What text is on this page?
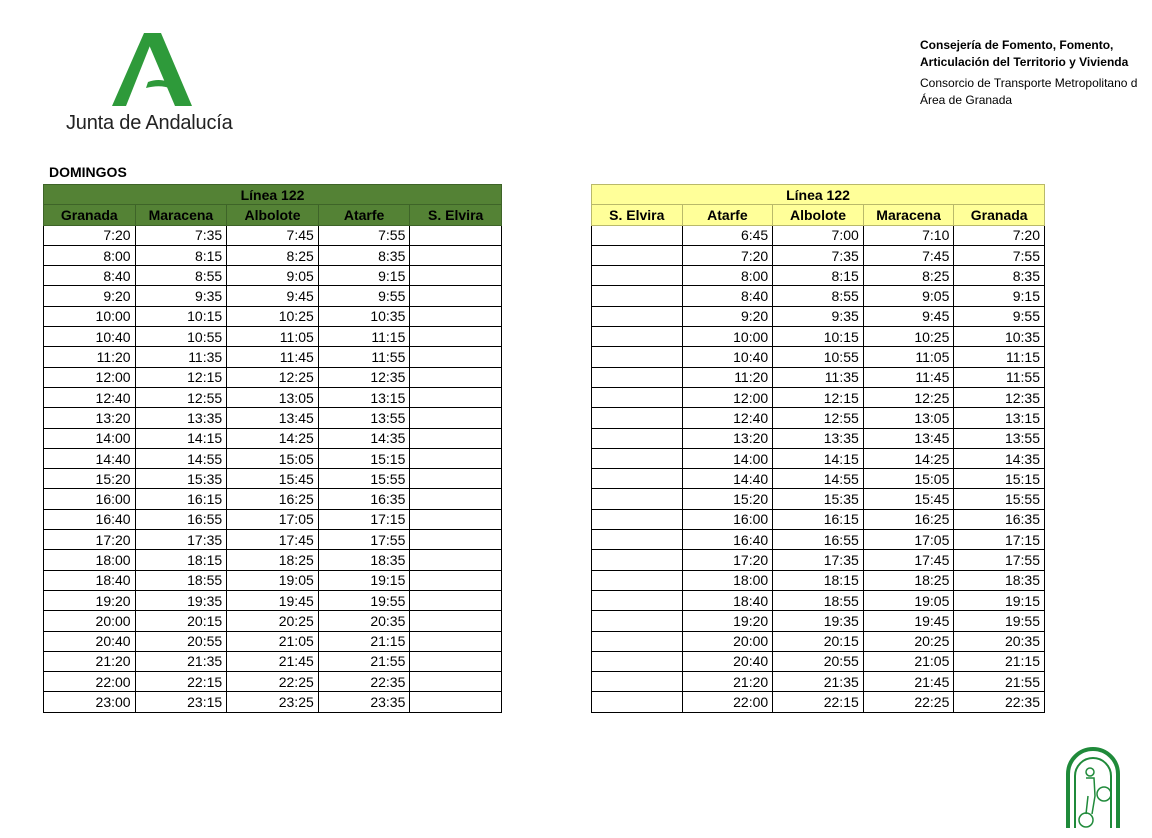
Junta de Andalucía
Consejería de Fomento, Fomento,
Articulación del Territorio y Vivienda
Consorcio de Transporte Metropolitano d
Área de Granada
DOMINGOS
Línea 122				
Granada	Maracena	Albolote	Atarfe	S. Elvira
7:20	7:35	7:45	7:55	
8:00	8:15	8:25	8:35	
8:40	8:55	9:05	9:15	
9:20	9:35	9:45	9:55	
10:00	10:15	10:25	10:35	
10:40	10:55	11:05	11:15	
11:20	11:35	11:45	11:55	
12:00	12:15	12:25	12:35	
12:40	12:55	13:05	13:15	
13:20	13:35	13:45	13:55	
14:00	14:15	14:25	14:35	
14:40	14:55	15:05	15:15	
15:20	15:35	15:45	15:55	
16:00	16:15	16:25	16:35	
16:40	16:55	17:05	17:15	
17:20	17:35	17:45	17:55	
18:00	18:15	18:25	18:35	
18:40	18:55	19:05	19:15	
19:20	19:35	19:45	19:55	
20:00	20:15	20:25	20:35	
20:40	20:55	21:05	21:15	
21:20	21:35	21:45	21:55	
22:00	22:15	22:25	22:35	
23:00	23:15	23:25	23:35	
Línea 122				
S. Elvira	Atarfe	Albolote	Maracena	Granada
	6:45	7:00	7:10	7:20
	7:20	7:35	7:45	7:55
	8:00	8:15	8:25	8:35
	8:40	8:55	9:05	9:15
	9:20	9:35	9:45	9:55
	10:00	10:15	10:25	10:35
	10:40	10:55	11:05	11:15
	11:20	11:35	11:45	11:55
	12:00	12:15	12:25	12:35
	12:40	12:55	13:05	13:15
	13:20	13:35	13:45	13:55
	14:00	14:15	14:25	14:35
	14:40	14:55	15:05	15:15
	15:20	15:35	15:45	15:55
	16:00	16:15	16:25	16:35
	16:40	16:55	17:05	17:15
	17:20	17:35	17:45	17:55
	18:00	18:15	18:25	18:35
	18:40	18:55	19:05	19:15
	19:20	19:35	19:45	19:55
	20:00	20:15	20:25	20:35
	20:40	20:55	21:05	21:15
	21:20	21:35	21:45	21:55
	22:00	22:15	22:25	22:35
